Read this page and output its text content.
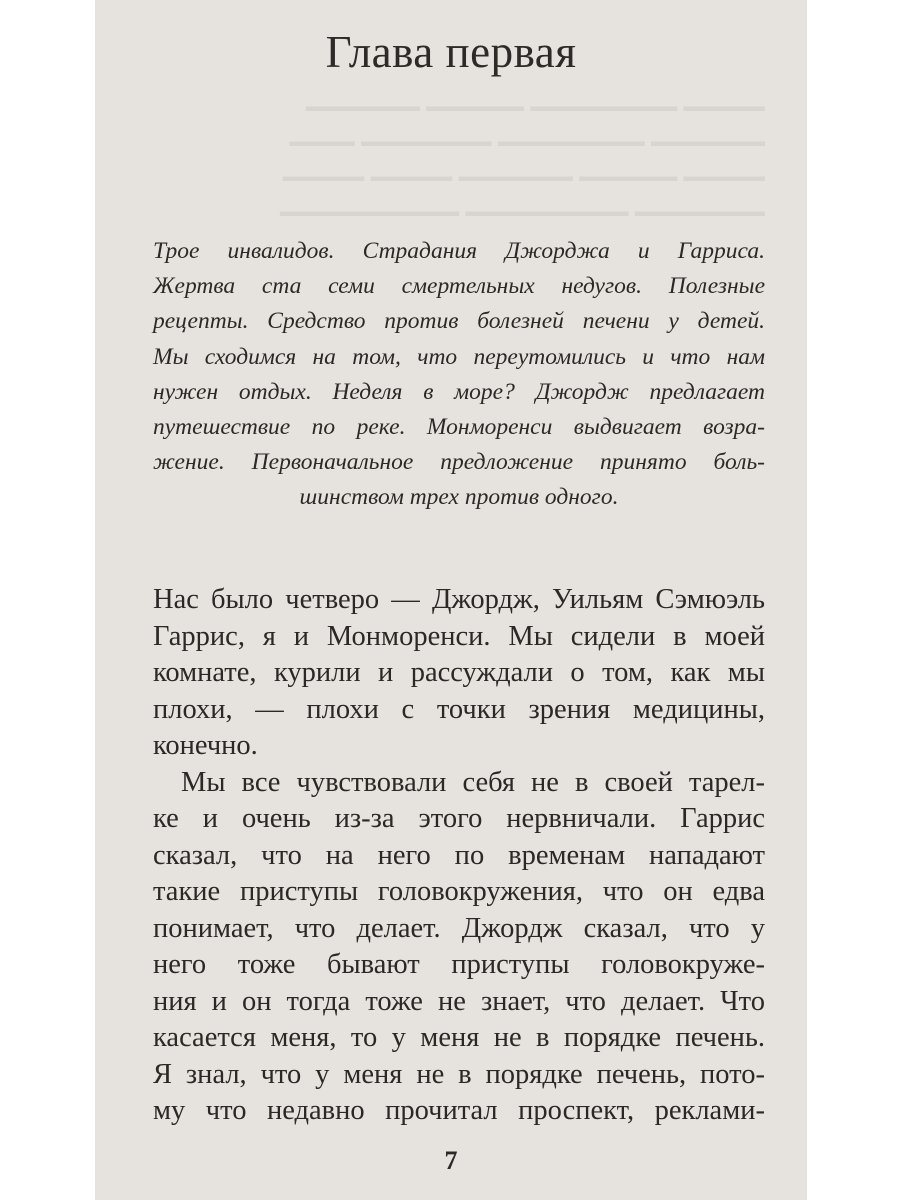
​━━━━━ ━━━━━━━━━ ━━━━━━ ━━━━━━━
​━━━━━━━ ━━━━━━━━━ ━━━━━━━━ ━━━━
​━━━━━ ━━━━━━ ━━━━━━━ ━━━━━ ━━━━━
​━━━━━━━━ ━━━━━━━━━━ ━━━━━━━━━━━
Глава первая
Трое инвалидов. Страдания Джорджа и Гарриса.
Жертва ста семи смертельных недугов. Полезные
рецепты. Средство против болезней печени у детей.
Мы сходимся на том, что переутомились и что нам
нужен отдых. Неделя в море? Джордж предлагает
путешествие по реке. Монморенси выдвигает возра-
жение. Первоначальное предложение принято боль-
шинством трех против одного.
Нас было четверо — Джордж, Уильям Сэмюэль
Гаррис, я и Монморенси. Мы сидели в моей
комнате, курили и рассуждали о том, как мы
плохи, — плохи с точки зрения медицины,
конечно.
Мы все чувствовали себя не в своей тарел-
ке и очень из-за этого нервничали. Гаррис
сказал, что на него по временам нападают
такие приступы головокружения, что он едва
понимает, что делает. Джордж сказал, что у
него тоже бывают приступы головокруже-
ния и он тогда тоже не знает, что делает. Что
касается меня, то у меня не в порядке печень.
Я знал, что у меня не в порядке печень, пото-
му что недавно прочитал проспект, реклами-
7
